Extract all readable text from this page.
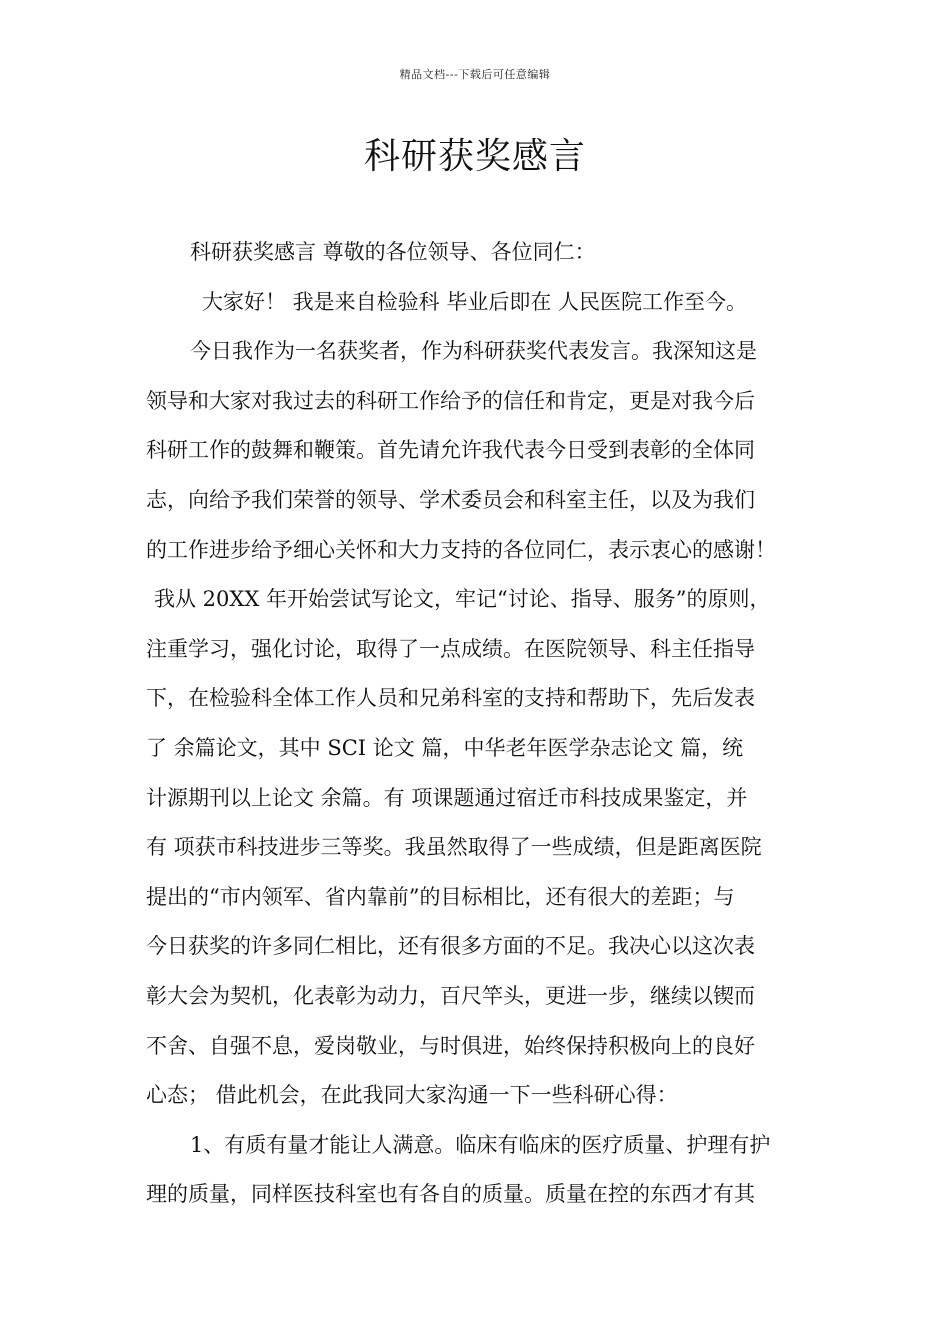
精品文档---下载后可任意编辑
科研获奖感言
科研获奖感言 尊敬的各位领导、各位同仁：
大家好！ 我是来自检验科 毕业后即在 人民医院工作至今。
今日我作为一名获奖者，作为科研获奖代表发言。我深知这是
领导和大家对我过去的科研工作给予的信任和肯定，更是对我今后
科研工作的鼓舞和鞭策。首先请允许我代表今日受到表彰的全体同
志，向给予我们荣誉的领导、学术委员会和科室主任，以及为我们
的工作进步给予细心关怀和大力支持的各位同仁，表示衷心的感谢！
我从 20XX 年开始尝试写论文，牢记“讨论、指导、服务”的原则，
注重学习，强化讨论，取得了一点成绩。在医院领导、科主任指导
下，在检验科全体工作人员和兄弟科室的支持和帮助下，先后发表
了 余篇论文，其中 SCI 论文 篇，中华老年医学杂志论文 篇，统
计源期刊以上论文 余篇。有 项课题通过宿迁市科技成果鉴定，并
有 项获市科技进步三等奖。我虽然取得了一些成绩，但是距离医院
提出的“市内领军、省内靠前”的目标相比，还有很大的差距；与
今日获奖的许多同仁相比，还有很多方面的不足。我决心以这次表
彰大会为契机，化表彰为动力，百尺竿头，更进一步，继续以锲而
不舍、自强不息，爱岗敬业，与时俱进，始终保持积极向上的良好
心态； 借此机会，在此我同大家沟通一下一些科研心得：
1、有质有量才能让人满意。临床有临床的医疗质量、护理有护
理的质量，同样医技科室也有各自的质量。质量在控的东西才有其
